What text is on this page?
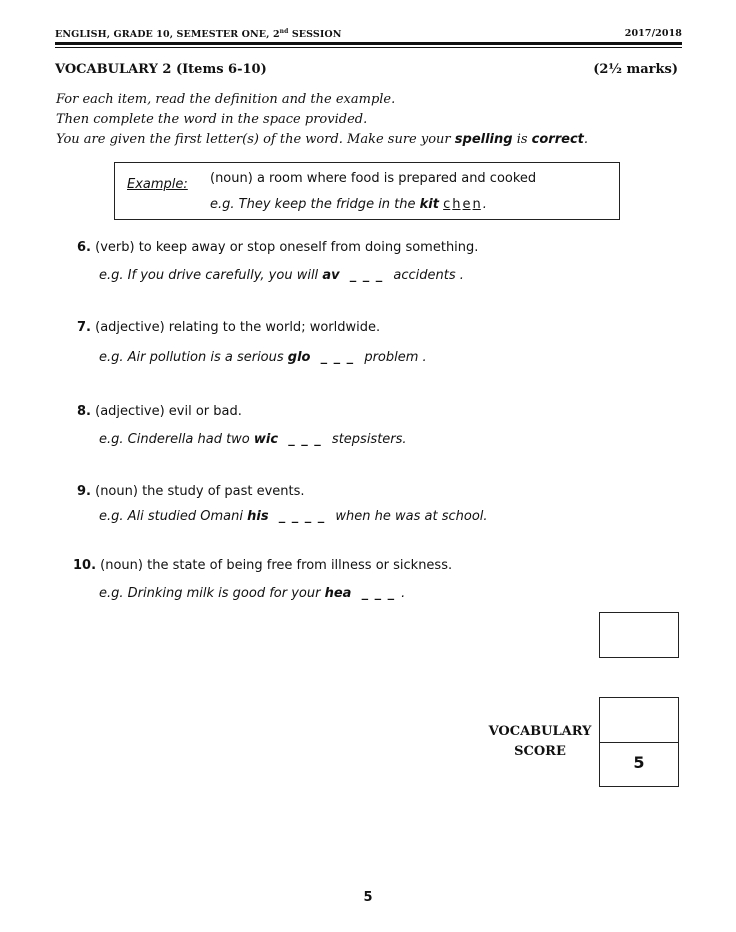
ENGLISH, GRADE 10, SEMESTER ONE, 2nd SESSION	2017/2018
VOCABULARY 2 (Items 6-10)	(2½ marks)
For each item, read the definition and the example.
Then complete the word in the space provided.
You are given the first letter(s) of the word. Make sure your spelling is correct.
Example: (noun) a room where food is prepared and cooked
e.g. They keep the fridge in the kit c h e n .
6. (verb) to keep away or stop oneself from doing something.
e.g. If you drive carefully, you will av _ _ _ accidents .
7. (adjective) relating to the world; worldwide.
e.g. Air pollution is a serious glo _ _ _ problem .
8. (adjective) evil or bad.
e.g. Cinderella had two wic _ _ _ stepsisters.
9. (noun) the study of past events.
e.g. Ali studied Omani his _ _ _ _ when he was at school.
10. (noun) the state of being free from illness or sickness.
e.g. Drinking milk is good for your hea _ _ _ .
VOCABULARY
SCORE
5
5
